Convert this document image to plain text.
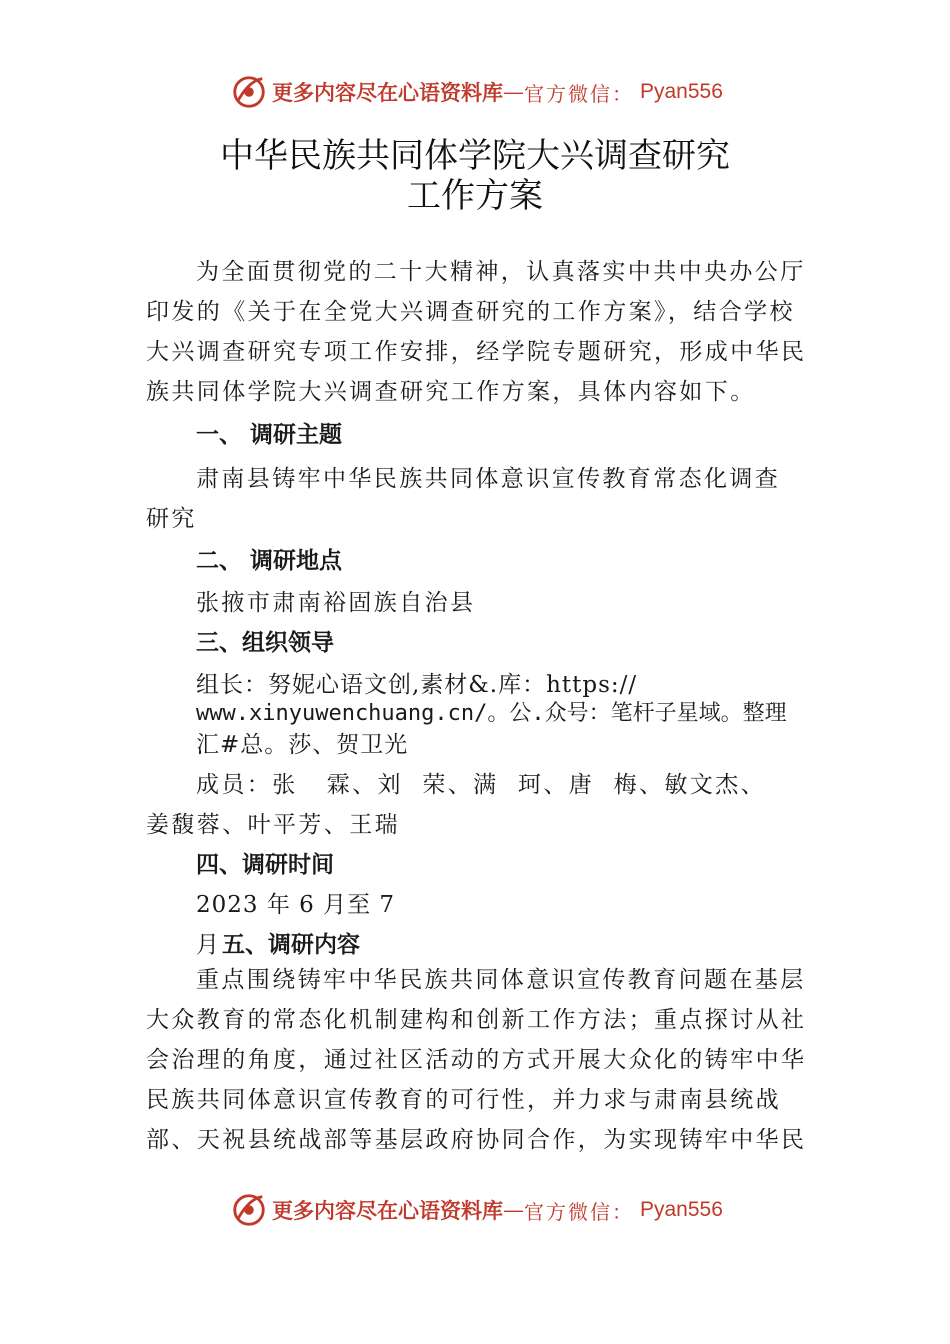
更多内容尽在心语资料库 — 官方微信： Pyan556
中华民族共同体学院大兴调查研究
工作方案
为全面贯彻党的二十大精神，认真落实中共中央办公厅印发的《关于在全党大兴调查研究的工作方案》，结合学校大兴调查研究专项工作安排，经学院专题研究，形成中华民族共同体学院大兴调查研究工作方案，具体内容如下。
一、 调研主题
肃南县铸牢中华民族共同体意识宣传教育常态化调查
研究
二、 调研地点
张掖市肃南裕固族自治县
三、组织领导
组长：努妮心语文创,素材&.库：https://
www.xinyuwenchuang.cn/。公.众号：笔杆子星域。整理
汇#总。莎、贺卫光
成员：张   霖、刘  荣、满  珂、唐  梅、敏文杰、
姜馥蓉、叶平芳、王瑞
四、调研时间
2023 年 6 月至 7
月 五、调研内容
重点围绕铸牢中华民族共同体意识宣传教育问题在基层大众教育的常态化机制建构和创新工作方法；重点探讨从社会治理的角度，通过社区活动的方式开展大众化的铸牢中华民族共同体意识宣传教育的可行性，并力求与肃南县统战部、天祝县统战部等基层政府协同合作，为实现铸牢中华民
更多内容尽在心语资料库 — 官方微信： Pyan556
